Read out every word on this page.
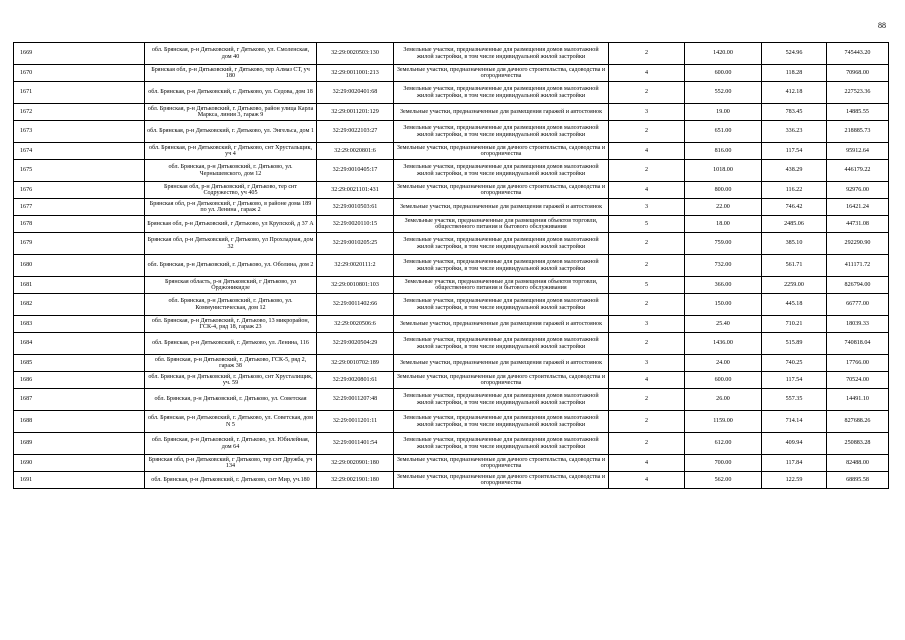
88
1669	обл. Брянская, р-н Дятьковский, г Дятьково, ул. Смоленская, дом 40	32:29:0020503:130	Земельные участки, предназначенные для размещения домов малоэтажной жилой застройки, в том числе индивидуальной жилой застройки	2	1420.00	524.96	745443.20
1670	Брянская обл, р-н Дятьковский, г Дятьково, тер Алмаз СТ, уч 180	32:29:0011001:213	Земельные участки, предназначенные для дачного строительства, садоводства и огородничества	4	600.00	118.28	70968.00
1671	обл. Брянская, р-н Дятьковский, г. Дятьково, ул. Седова, дом 18	32:29:0020401:68	Земельные участки, предназначенные для размещения домов малоэтажной жилой застройки, в том числе индивидуальной жилой застройки	2	552.00	412.18	227523.36
1672	обл. Брянская, р-н Дятьковский, г. Дятьково, район улица Карла Маркса, линия 3, гараж 9	32:29:0011201:129	Земельные участки, предназначенные для размещения гаражей и автостоянок	3	19.00	783.45	14885.55
1673	обл. Брянская, р-н Дятьковский, г. Дятьково, ул. Энгельса, дом 1	32:29:0022103:27	Земельные участки, предназначенные для размещения домов малоэтажной жилой застройки, в том числе индивидуальной жилой застройки	2	651.00	336.23	218885.73
1674	обл. Брянская, р-н Дятьковский, г Дятьково, снт Хрустальщик, уч 4	32:29:0020801:6	Земельные участки, предназначенные для дачного строительства, садоводства и огородничества	4	816.00	117.54	95912.64
1675	обл. Брянская, р-н Дятьковский, г. Дятьково, ул. Чернышевского, дом 12	32:29:0010405:17	Земельные участки, предназначенные для размещения домов малоэтажной жилой застройки, в том числе индивидуальной жилой застройки	2	1018.00	438.29	446179.22
1676	Брянская обл, р-н Дятьковский, г Дятьково, тер снт Содружество, уч 405	32:29:0021101:431	Земельные участки, предназначенные для дачного строительства, садоводства и огородничества	4	800.00	116.22	92976.00
1677	Брянская обл, р-н Дятьковский, г Дятьково, в районе дома 189 по ул. Ленина , гараж 2	32:29:0010503:61	Земельные участки, предназначенные для размещения гаражей и автостоянок	3	22.00	746.42	16421.24
1678	Брянская обл, р-н Дятьковский, г Дятьково, ул Крупской, д 37 А	32:29:0020110:15	Земельные участки, предназначенные для размещения объектов торговли, общественного питания и бытового обслуживания	5	18.00	2485.06	44731.08
1679	Брянская обл, р-н Дятьковский, г Дятьково, ул Прохладная, дом 32	32:29:0010205:25	Земельные участки, предназначенные для размещения домов малоэтажной жилой застройки, в том числе индивидуальной жилой застройки	2	759.00	385.10	292290.90
1680	обл. Брянская, р-н Дятьковский, г. Дятьково, ул. Оболина, дом 2	32:29:0020111:2	Земельные участки, предназначенные для размещения домов малоэтажной жилой застройки, в том числе индивидуальной жилой застройки	2	732.00	561.71	411171.72
1681	Брянская область, р-н Дятьковский, г Дятьково, ул Орджоникидзе	32:29:0010801:103	Земельные участки, предназначенные для размещения объектов торговли, общественного питания и бытового обслуживания	5	366.00	2259.00	826794.00
1682	обл. Брянская, р-н Дятьковский, г. Дятьково, ул. Коммунистическая, дом 12	32:29:0011402:66	Земельные участки, предназначенные для размещения домов малоэтажной жилой застройки, в том числе индивидуальной жилой застройки	2	150.00	445.18	66777.00
1683	обл. Брянская, р-н Дятьковский, г. Дятьково, 13 микрорайон, ГСК-4, ряд 18, гараж 23	32:29:0020506:6	Земельные участки, предназначенные для размещения гаражей и автостоянок	3	25.40	710.21	18039.33
1684	обл. Брянская, р-н Дятьковский, г. Дятьково, ул. Ленина, 116	32:29:0020504:29	Земельные участки, предназначенные для размещения домов малоэтажной жилой застройки, в том числе индивидуальной жилой застройки	2	1436.00	515.89	740818.04
1685	обл. Брянская, р-н Дятьковский, г. Дятьково, ГСК-5, ряд 2, гараж 38	32:29:0010702:189	Земельные участки, предназначенные для размещения гаражей и автостоянок	3	24.00	740.25	17766.00
1686	обл. Брянская, р-н Дятьковский, г. Дятьково, снт Хрусталищик, уч. 59	32:29:0020801:61	Земельные участки, предназначенные для дачного строительства, садоводства и огородничества	4	600.00	117.54	70524.00
1687	обл. Брянская, р-н Дятьковский, г. Дятьково, ул. Советская	32:29:0011207:48	Земельные участки, предназначенные для размещения домов малоэтажной жилой застройки, в том числе индивидуальной жилой застройки	2	26.00	557.35	14491.10
1688	обл. Брянская, р-н Дятьковский, г. Дятьково, ул. Советская, дом N 5	32:29:0011201:11	Земельные участки, предназначенные для размещения домов малоэтажной жилой застройки, в том числе индивидуальной жилой застройки	2	1159.00	714.14	827688.26
1689	обл. Брянская, р-н Дятьковский, г. Дятьково, ул. Юбилейная, дом 64	32:29:0011401:54	Земельные участки, предназначенные для размещения домов малоэтажной жилой застройки, в том числе индивидуальной жилой застройки	2	612.00	409.94	250883.28
1690	Брянская обл, р-н Дятьковский, г Дятьково, тер снт Дружба, уч 134	32:29:0020901:180	Земельные участки, предназначенные для дачного строительства, садоводства и огородничества	4	700.00	117.84	82488.00
1691	обл. Брянская, р-н Дятьковский, г. Дятьково, снт Мир, уч.180	32:29:0021901:180	Земельные участки, предназначенные для дачного строительства, садоводства и огородничества	4	562.00	122.59	68895.58
